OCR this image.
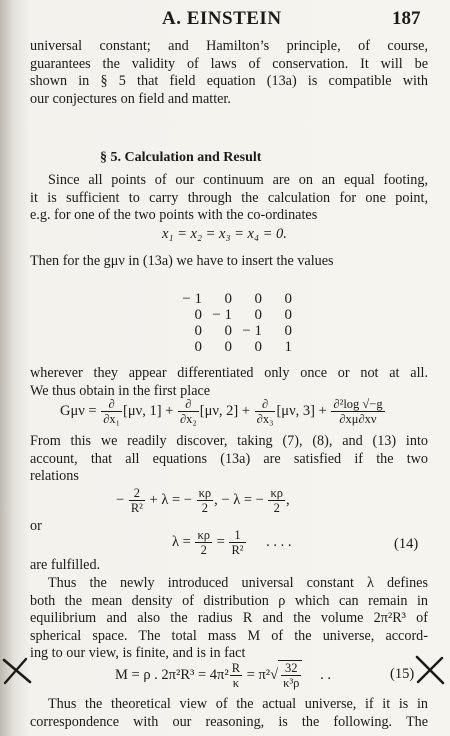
A. EINSTEIN	187
universal constant; and Hamilton’s principle, of course,
guarantees the validity of laws of conservation. It will be
shown in § 5 that field equation (13a) is compatible with
our conjectures on field and matter.
§ 5. Calculation and Result
Since all points of our continuum are on an equal footing,
it is sufficient to carry through the calculation for one point,
e.g. for one of the two points with the co-ordinates
x₁ = x₂ = x₃ = x₄ = 0.
Then for the gμν in (13a) we have to insert the values
− 1 0 0 0
0 − 1 0 0
0 0 − 1 0
0 0 0 1
wherever they appear differentiated only once or not at all.
We thus obtain in the first place
$G\mu\nu = \frac{\partial}{\text{∂x₁}} [\mu\nu$, $1] + \frac{\partial}{\text{∂x₂}} [\mu\nu$, $2] + \frac{\partial}{\text{∂x₃}} [\mu\nu$, $3] + \frac{\text{∂²log √−g}}{\partial x\mu\partial x\nu}$
From this we readily discover, taking (7), (8), and (13) into
account, that all equations (13a) are satisfied if the two
relations
− $\frac{2}{\text{R²}} + \lambda$ = − $\frac{\kappa\rho}{2}$ , − λ = − $\frac{\kappa\rho}{2}$ ,
or
$\lambda = \frac{\kappa\rho}{2} = \frac{1}{\text{R²}}$ . . . .	(14)
are fulfilled.
Thus the newly introduced universal constant λ defines
both the mean density of distribution ρ which can remain in
equilibrium and also the radius R and the volume 2π²R³ of
spherical space. The total mass M of the universe, accord-
ing to our view, is finite, and is in fact
M = ρ . $2\pi^2R^3 = 4\pi^2 \frac{R}{\kappa} = \pi^2√ \frac{32}{\text{κ³ρ}}$ . .	(15)
Thus the theoretical view of the actual universe, if it is in
correspondence with our reasoning, is the following. The
